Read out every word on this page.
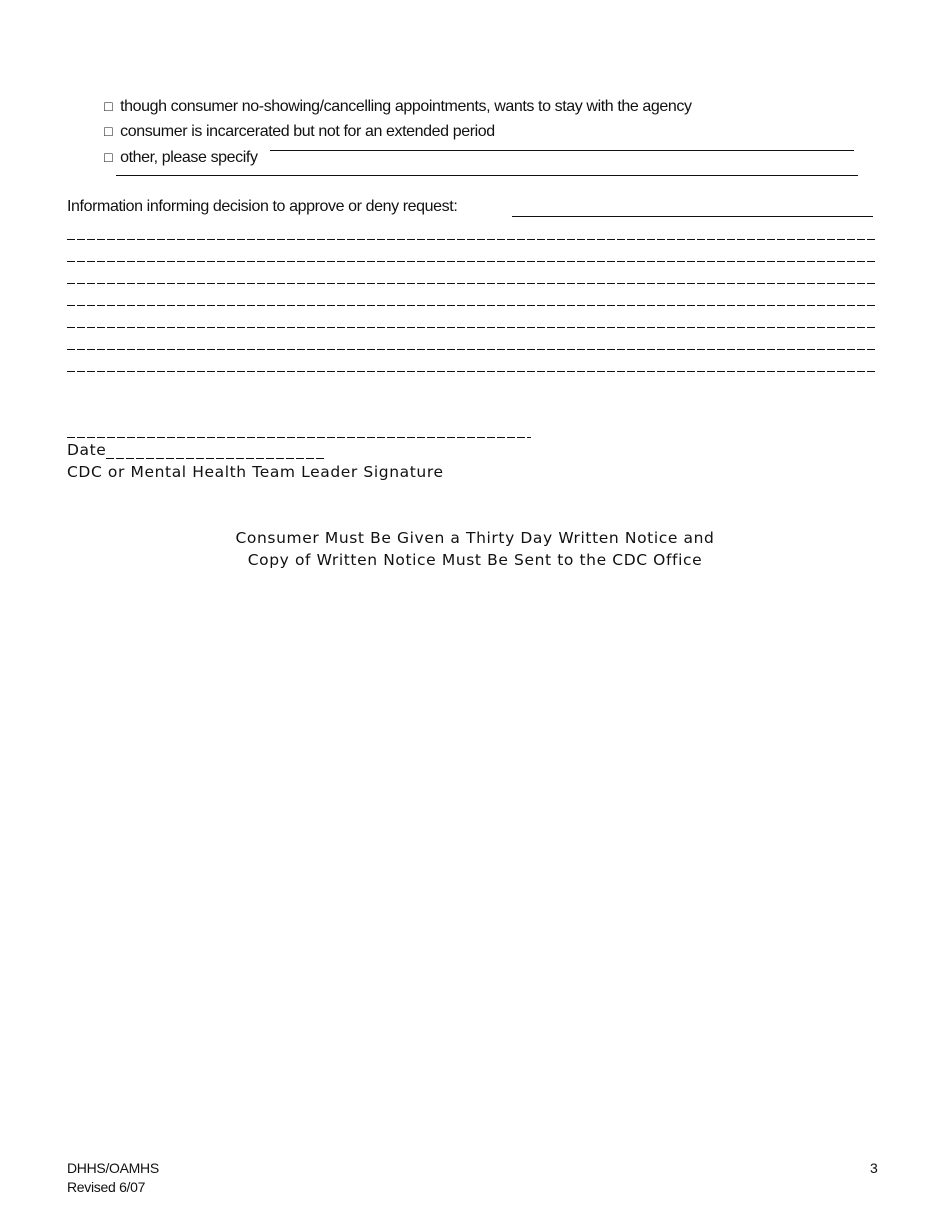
□ though consumer no-showing/cancelling appointments, wants to stay with the agency

□ consumer is incarcerated but not for an extended period

□ other, please specify

Information informing decision to approve or deny request:
Date
CDC or Mental Health Team Leader Signature
Consumer Must Be Given a Thirty Day Written Notice and
Copy of Written Notice Must Be Sent to the CDC Office
DHHS/OAMHS
Revised 6/07
3
